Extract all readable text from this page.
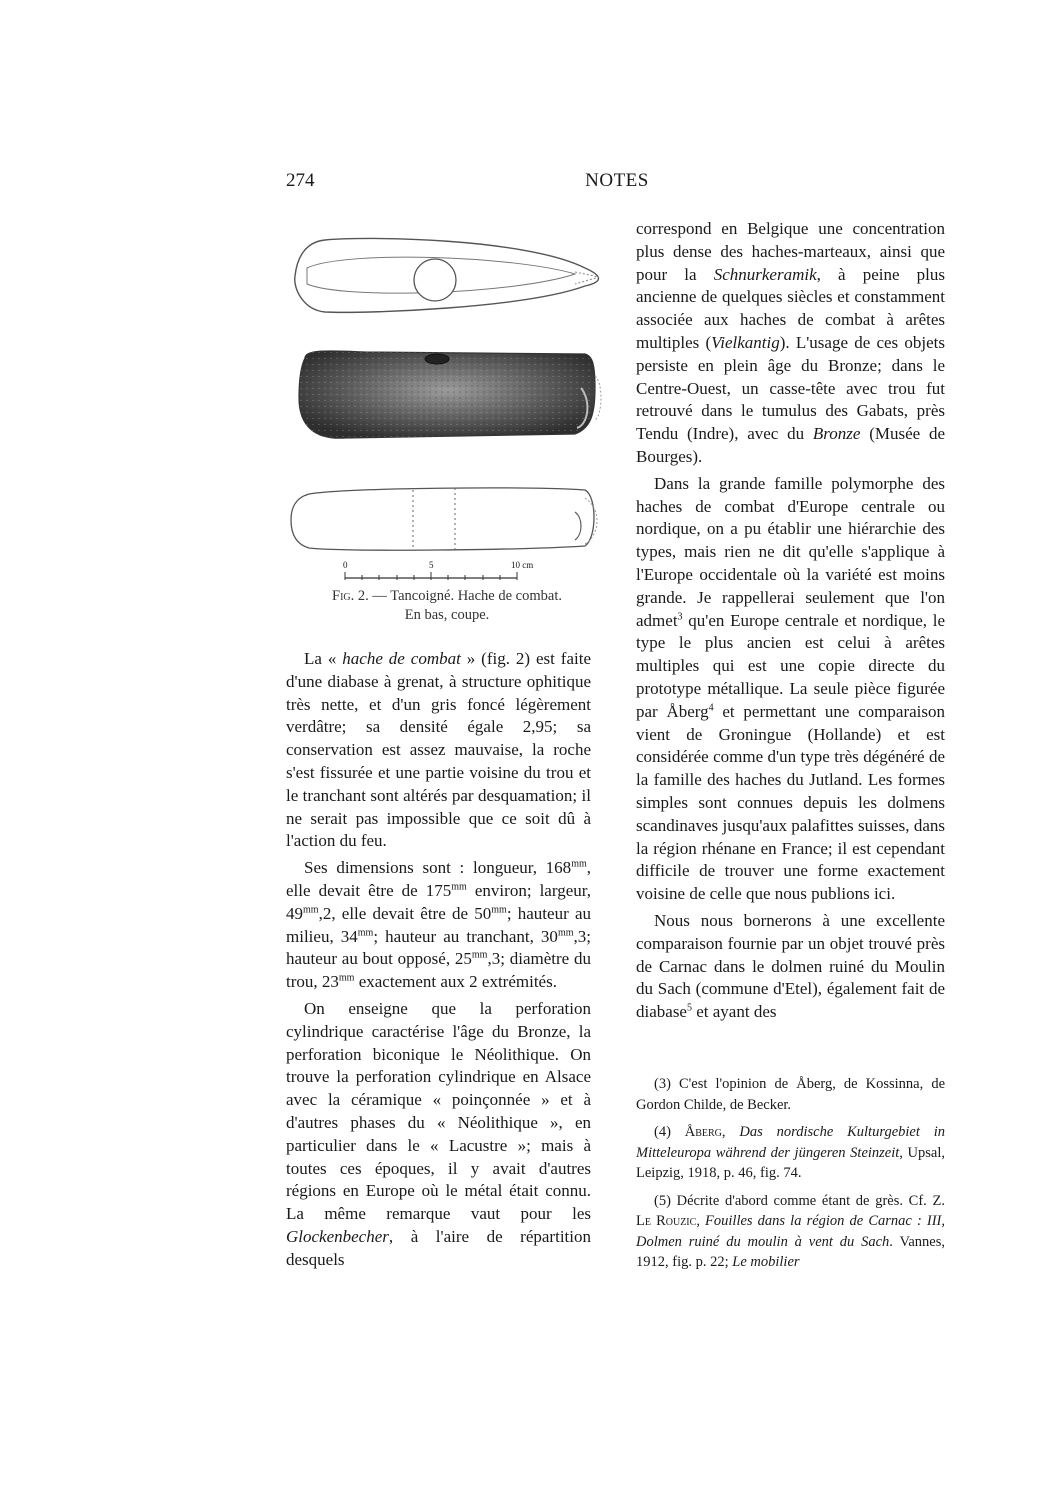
274	NOTES
0	5	10 cm
Fig. 2. — Tancoigné. Hache de combat.
En bas, coupe.

La « hache de combat » (fig. 2) est faite d'une diabase à grenat, à structure ophitique très nette, et d'un gris foncé légèrement verdâtre; sa densité égale 2,95; sa conservation est assez mauvaise, la roche s'est fissurée et une partie voisine du trou et le tranchant sont altérés par desquamation; il ne serait pas impossible que ce soit dû à l'action du feu.

Ses dimensions sont : longueur, $168^{mm}$, elle devait être de $175^{mm}$ environ; largeur, $49^{mm},2$, elle devait être de $50^{mm}$; hauteur au milieu, $34^{mm}$; hauteur au tranchant, $30^{mm},3$; hauteur au bout opposé, $25^{mm},3$; diamètre du trou, $23^{mm}$ exactement aux 2 extrémités.

On enseigne que la perforation cylindrique caractérise l'âge du Bronze, la perforation biconique le Néolithique. On trouve la perforation cylindrique en Alsace avec la céramique « poinçonnée » et à d'autres phases du « Néolithique », en particulier dans le « Lacustre »; mais à toutes ces époques, il y avait d'autres régions en Europe où le métal était connu. La même remarque vaut pour les Glockenbecher, à l'aire de répartition desquels

correspond en Belgique une concentration plus dense des haches-marteaux, ainsi que pour la Schnurkeramik, à peine plus ancienne de quelques siècles et constamment associée aux haches de combat à arêtes multiples (Vielkantig). L'usage de ces objets persiste en plein âge du Bronze; dans le Centre-Ouest, un casse-tête avec trou fut retrouvé dans le tumulus des Gabats, près Tendu (Indre), avec du Bronze (Musée de Bourges).

Dans la grande famille polymorphe des haches de combat d'Europe centrale ou nordique, on a pu établir une hiérarchie des types, mais rien ne dit qu'elle s'applique à l'Europe occidentale où la variété est moins grande. Je rappellerai seulement que l'on admet$^3$ qu'en Europe centrale et nordique, le type le plus ancien est celui à arêtes multiples qui est une copie directe du prototype métallique. La seule pièce figurée par Åberg$^4$ et permettant une comparaison vient de Groningue (Hollande) et est considérée comme d'un type très dégénéré de la famille des haches du Jutland. Les formes simples sont connues depuis les dolmens scandinaves jusqu'aux palafittes suisses, dans la région rhénane en France; il est cependant difficile de trouver une forme exactement voisine de celle que nous publions ici.

Nous nous bornerons à une excellente comparaison fournie par un objet trouvé près de Carnac dans le dolmen ruiné du Moulin du Sach (commune d'Etel), également fait de diabase$^5$ et ayant des

(3) C'est l'opinion de Åberg, de Kossinna, de Gordon Childe, de Becker.

(4) Åberg, Das nordische Kulturgebiet in Mitteleuropa während der jüngeren Steinzeit, Upsal, Leipzig, 1918, p. 46, fig. 74.

(5) Décrite d'abord comme étant de grès. Cf. Z. Le Rouzic, Fouilles dans la région de Carnac : III, Dolmen ruiné du moulin à vent du Sach. Vannes, 1912, fig. p. 22; Le mobilier
